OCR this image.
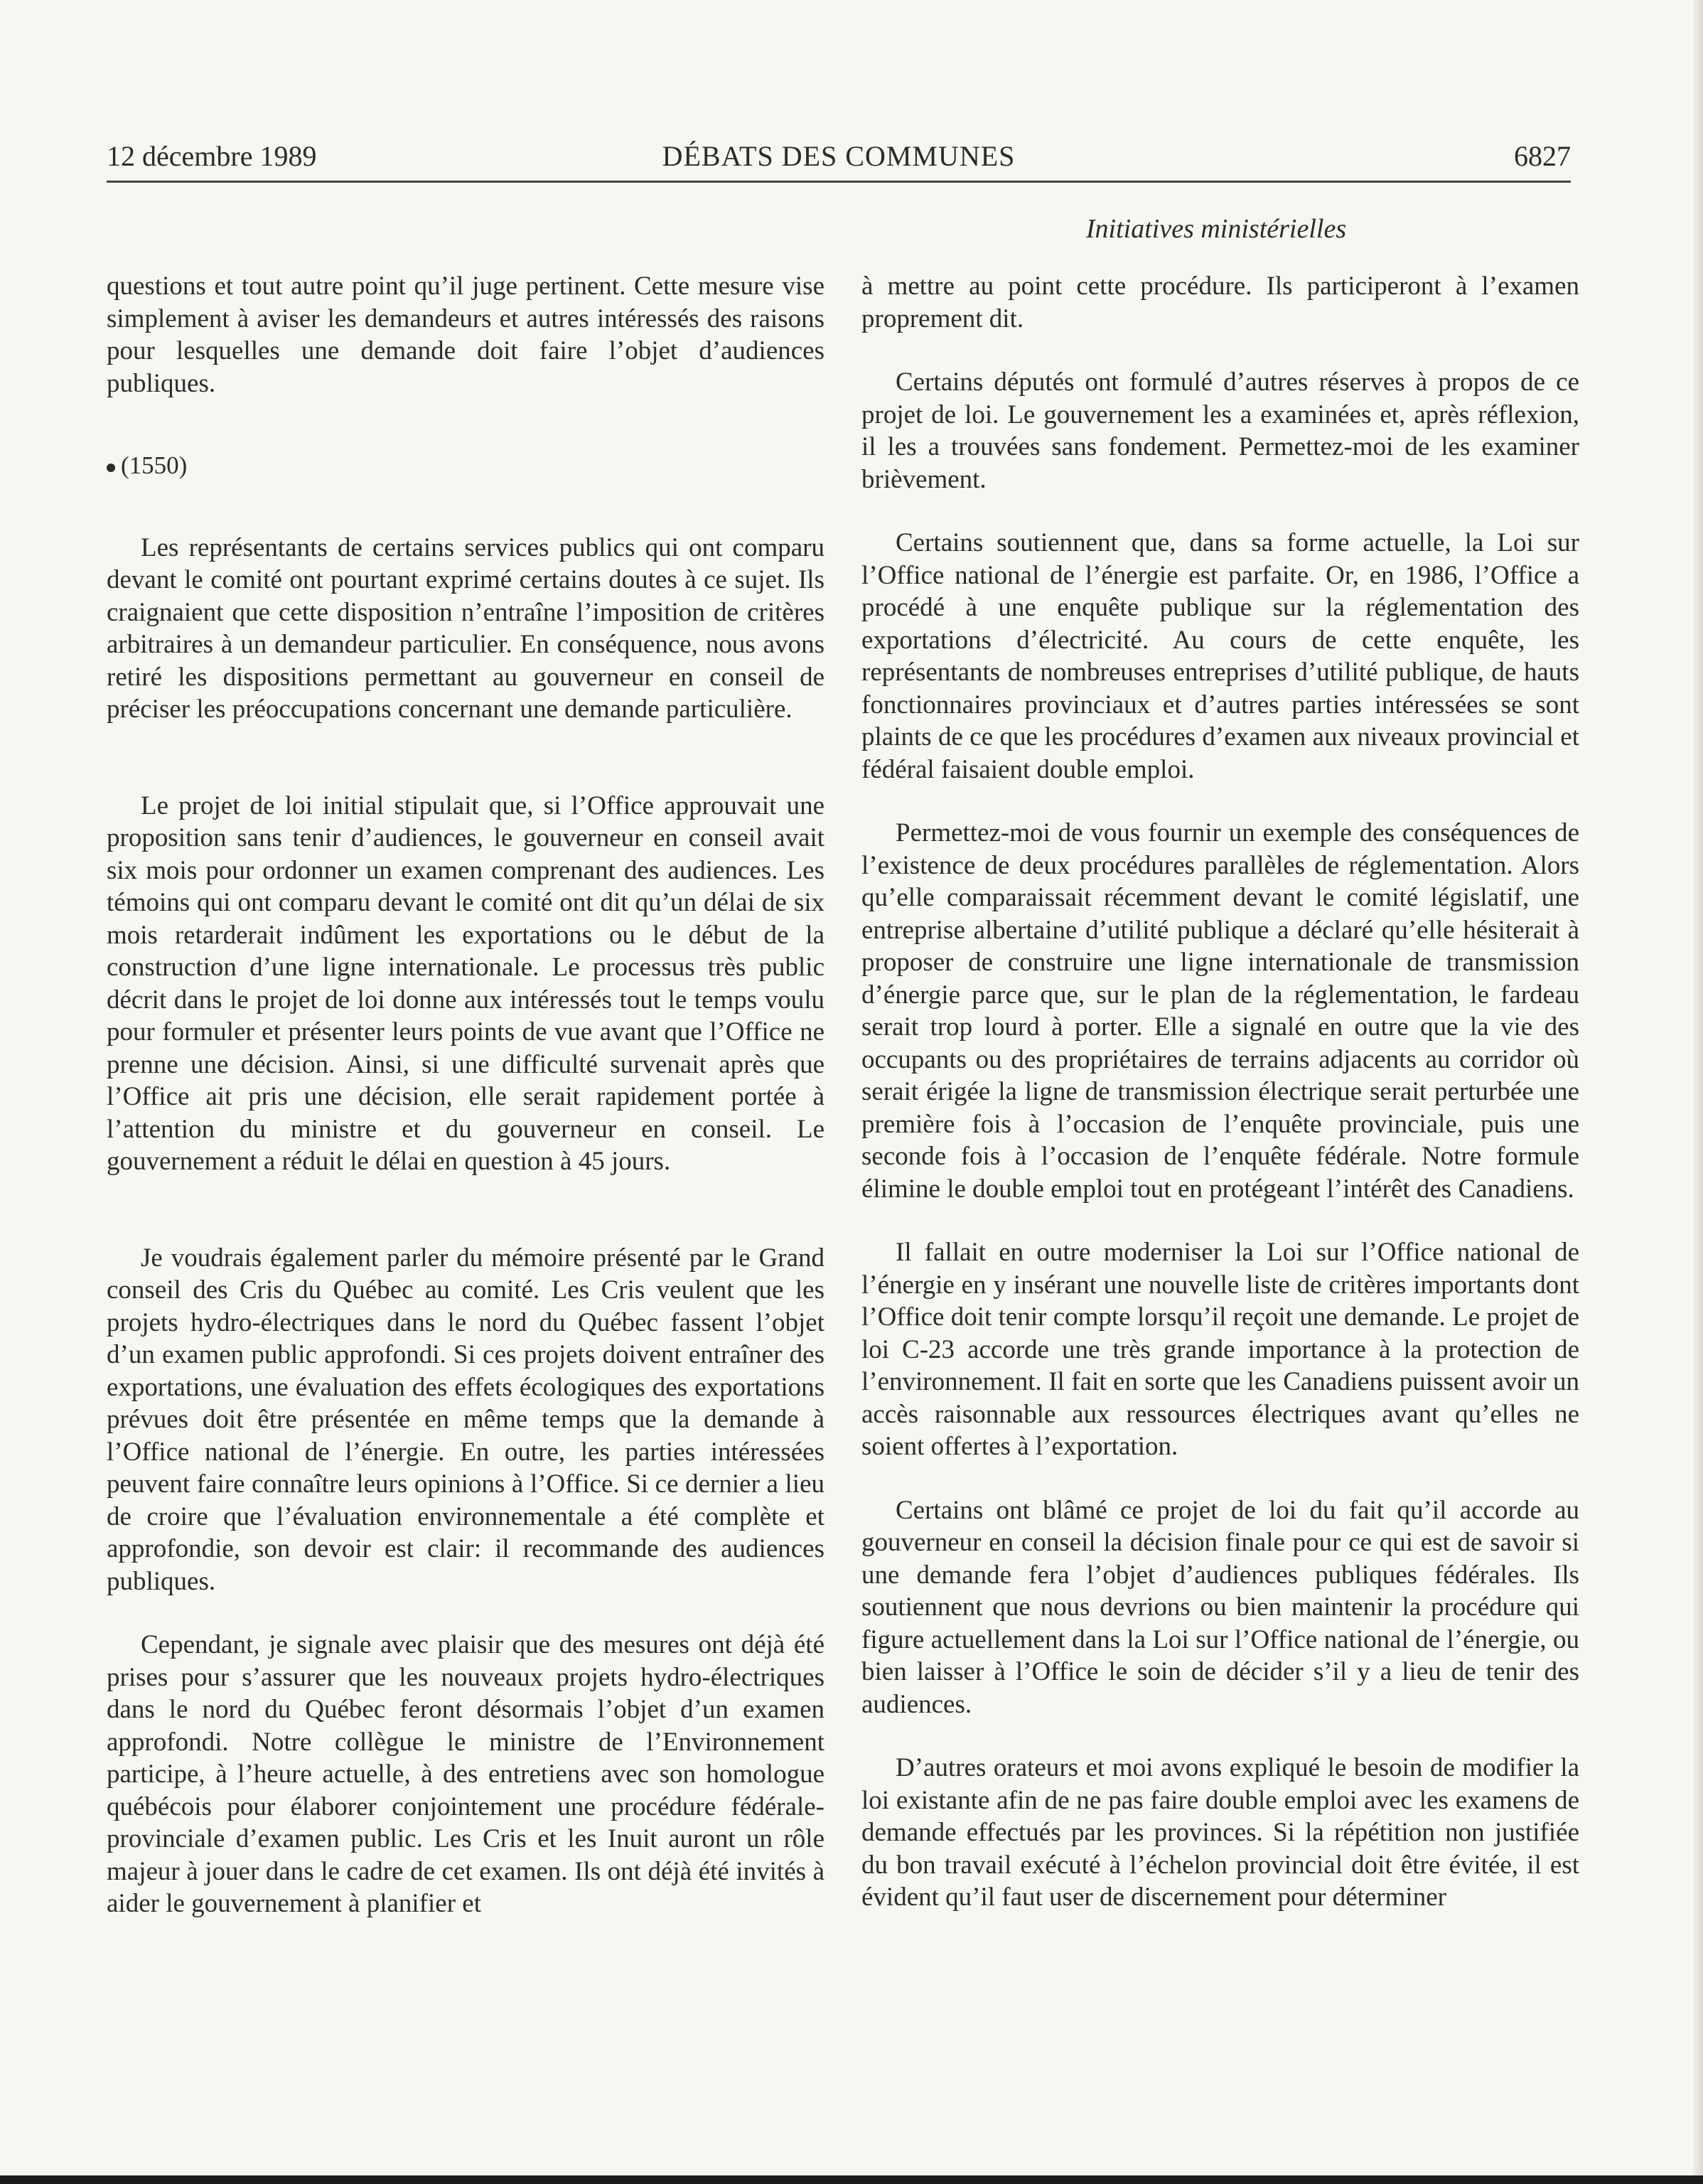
12 décembre 1989	DÉBATS DES COMMUNES	6827
Initiatives ministérielles

questions et tout autre point qu’il juge pertinent. Cette mesure vise simplement à aviser les demandeurs et autres intéressés des raisons pour lesquelles une demande doit faire l’objet d’audiences publiques.

(1550)

Les représentants de certains services publics qui ont comparu devant le comité ont pourtant exprimé certains doutes à ce sujet. Ils craignaient que cette disposition n’entraîne l’imposition de critères arbitraires à un demandeur particulier. En conséquence, nous avons retiré les dispositions permettant au gouverneur en conseil de préciser les préoccupations concernant une demande particulière.

Le projet de loi initial stipulait que, si l’Office approuvait une proposition sans tenir d’audiences, le gouverneur en conseil avait six mois pour ordonner un examen comprenant des audiences. Les témoins qui ont comparu devant le comité ont dit qu’un délai de six mois retarderait indûment les exportations ou le début de la construction d’une ligne internationale. Le processus très public décrit dans le projet de loi donne aux intéressés tout le temps voulu pour formuler et présenter leurs points de vue avant que l’Office ne prenne une décision. Ainsi, si une difficulté survenait après que l’Office ait pris une décision, elle serait rapidement portée à l’attention du ministre et du gouverneur en conseil. Le gouvernement a réduit le délai en question à 45 jours.

Je voudrais également parler du mémoire présenté par le Grand conseil des Cris du Québec au comité. Les Cris veulent que les projets hydro-électriques dans le nord du Québec fassent l’objet d’un examen public approfondi. Si ces projets doivent entraîner des exportations, une évaluation des effets écologiques des exportations prévues doit être présentée en même temps que la demande à l’Office national de l’énergie. En outre, les parties intéressées peuvent faire connaître leurs opinions à l’Office. Si ce dernier a lieu de croire que l’évaluation environnementale a été complète et approfondie, son devoir est clair: il recommande des audiences publiques.

Cependant, je signale avec plaisir que des mesures ont déjà été prises pour s’assurer que les nouveaux projets hydro-électriques dans le nord du Québec feront désormais l’objet d’un examen approfondi. Notre collègue le ministre de l’Environnement participe, à l’heure actuelle, à des entretiens avec son homologue québécois pour élaborer conjointement une procédure fédérale-provinciale d’examen public. Les Cris et les Inuit auront un rôle majeur à jouer dans le cadre de cet examen. Ils ont déjà été invités à aider le gouvernement à planifier et

à mettre au point cette procédure. Ils participeront à l’examen proprement dit.

Certains députés ont formulé d’autres réserves à propos de ce projet de loi. Le gouvernement les a examinées et, après réflexion, il les a trouvées sans fondement. Permettez-moi de les examiner brièvement.

Certains soutiennent que, dans sa forme actuelle, la Loi sur l’Office national de l’énergie est parfaite. Or, en 1986, l’Office a procédé à une enquête publique sur la réglementation des exportations d’électricité. Au cours de cette enquête, les représentants de nombreuses entreprises d’utilité publique, de hauts fonctionnaires provinciaux et d’autres parties intéressées se sont plaints de ce que les procédures d’examen aux niveaux provincial et fédéral faisaient double emploi.

Permettez-moi de vous fournir un exemple des conséquences de l’existence de deux procédures parallèles de réglementation. Alors qu’elle comparaissait récemment devant le comité législatif, une entreprise albertaine d’utilité publique a déclaré qu’elle hésiterait à proposer de construire une ligne internationale de transmission d’énergie parce que, sur le plan de la réglementation, le fardeau serait trop lourd à porter. Elle a signalé en outre que la vie des occupants ou des propriétaires de terrains adjacents au corridor où serait érigée la ligne de transmission électrique serait perturbée une première fois à l’occasion de l’enquête provinciale, puis une seconde fois à l’occasion de l’enquête fédérale. Notre formule élimine le double emploi tout en protégeant l’intérêt des Canadiens.

Il fallait en outre moderniser la Loi sur l’Office national de l’énergie en y insérant une nouvelle liste de critères importants dont l’Office doit tenir compte lorsqu’il reçoit une demande. Le projet de loi C-23 accorde une très grande importance à la protection de l’environnement. Il fait en sorte que les Canadiens puissent avoir un accès raisonnable aux ressources électriques avant qu’elles ne soient offertes à l’exportation.

Certains ont blâmé ce projet de loi du fait qu’il accorde au gouverneur en conseil la décision finale pour ce qui est de savoir si une demande fera l’objet d’audiences publiques fédérales. Ils soutiennent que nous devrions ou bien maintenir la procédure qui figure actuellement dans la Loi sur l’Office national de l’énergie, ou bien laisser à l’Office le soin de décider s’il y a lieu de tenir des audiences.

D’autres orateurs et moi avons expliqué le besoin de modifier la loi existante afin de ne pas faire double emploi avec les examens de demande effectués par les provinces. Si la répétition non justifiée du bon travail exécuté à l’échelon provincial doit être évitée, il est évident qu’il faut user de discernement pour déterminer
